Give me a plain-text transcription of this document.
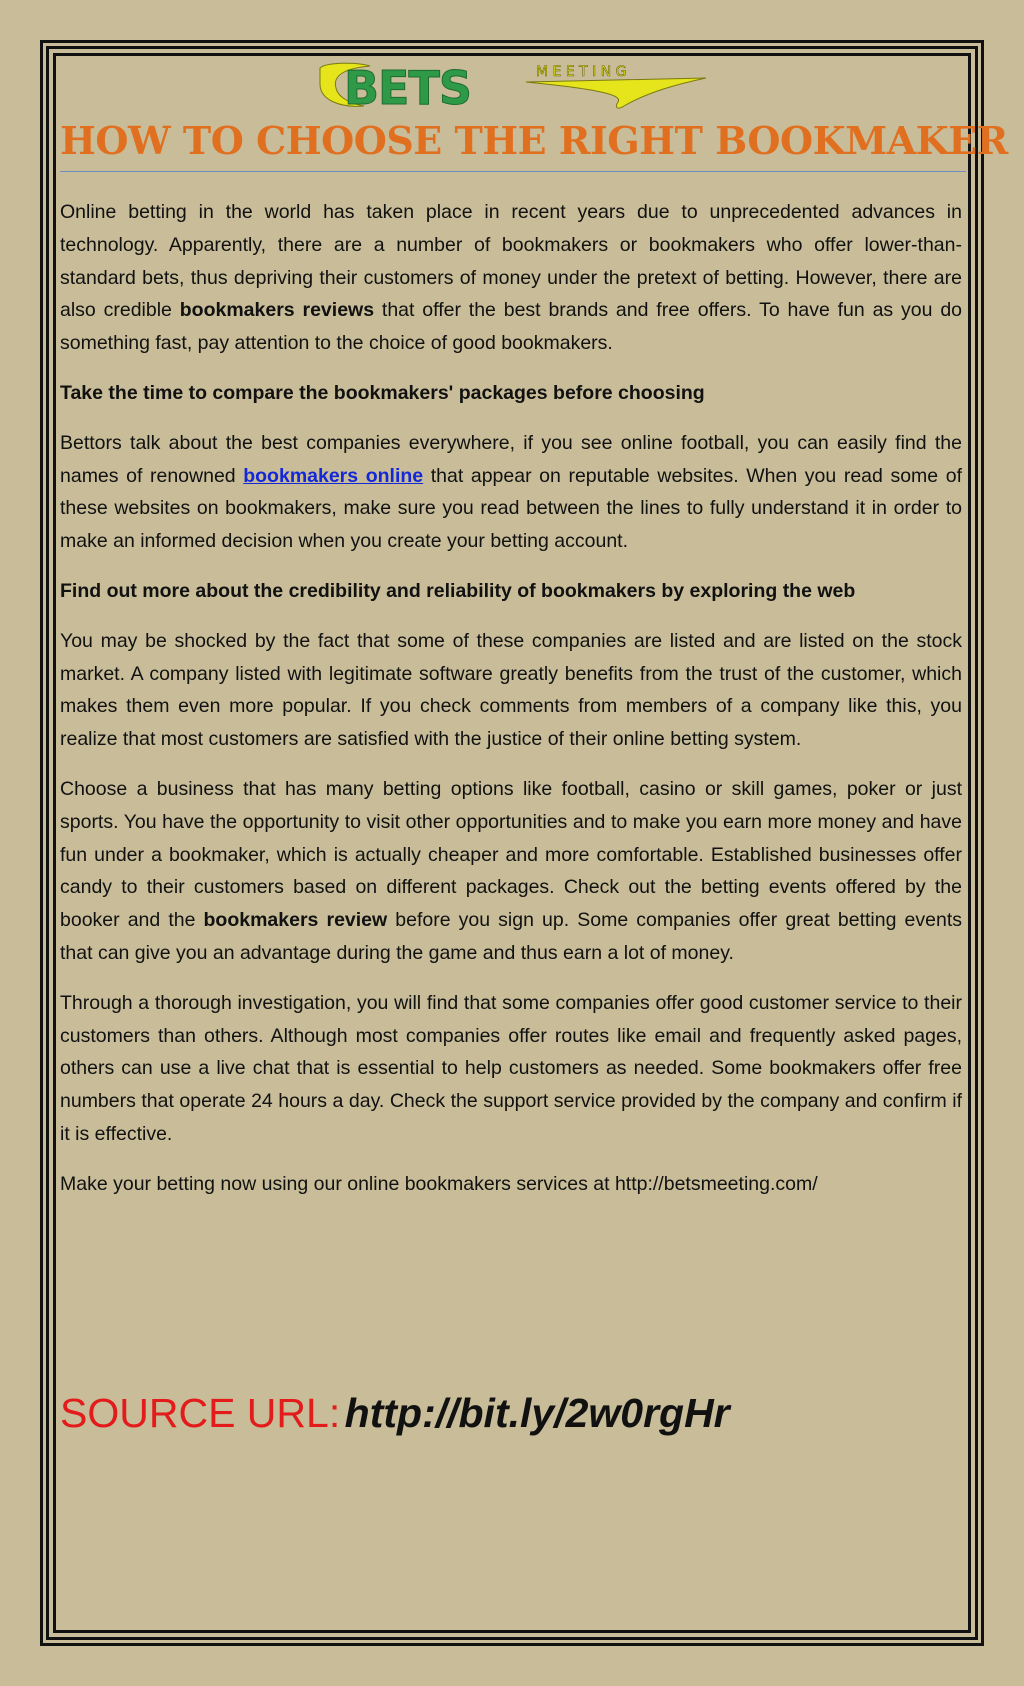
BETS	M E E T I N G
HOW TO CHOOSE THE RIGHT BOOKMAKER

Online betting in the world has taken place in recent years due to unprecedented advances in technology. Apparently, there are a number of bookmakers or bookmakers who offer lower-than-standard bets, thus depriving their customers of money under the pretext of betting. However, there are also credible bookmakers reviews that offer the best brands and free offers. To have fun as you do something fast, pay attention to the choice of good bookmakers.

Take the time to compare the bookmakers' packages before choosing

Bettors talk about the best companies everywhere, if you see online football, you can easily find the names of renowned bookmakers online that appear on reputable websites. When you read some of these websites on bookmakers, make sure you read between the lines to fully understand it in order to make an informed decision when you create your betting account.

Find out more about the credibility and reliability of bookmakers by exploring the web

You may be shocked by the fact that some of these companies are listed and are listed on the stock market. A company listed with legitimate software greatly benefits from the trust of the customer, which makes them even more popular. If you check comments from members of a company like this, you realize that most customers are satisfied with the justice of their online betting system.

Choose a business that has many betting options like football, casino or skill games, poker or just sports. You have the opportunity to visit other opportunities and to make you earn more money and have fun under a bookmaker, which is actually cheaper and more comfortable. Established businesses offer candy to their customers based on different packages. Check out the betting events offered by the booker and the bookmakers review before you sign up. Some companies offer great betting events that can give you an advantage during the game and thus earn a lot of money.

Through a thorough investigation, you will find that some companies offer good customer service to their customers than others. Although most companies offer routes like email and frequently asked pages, others can use a live chat that is essential to help customers as needed. Some bookmakers offer free numbers that operate 24 hours a day. Check the support service provided by the company and confirm if it is effective.

Make your betting now using our online bookmakers services at http://betsmeeting.com/

SOURCE URL: http://bit.ly/2w0rgHr
